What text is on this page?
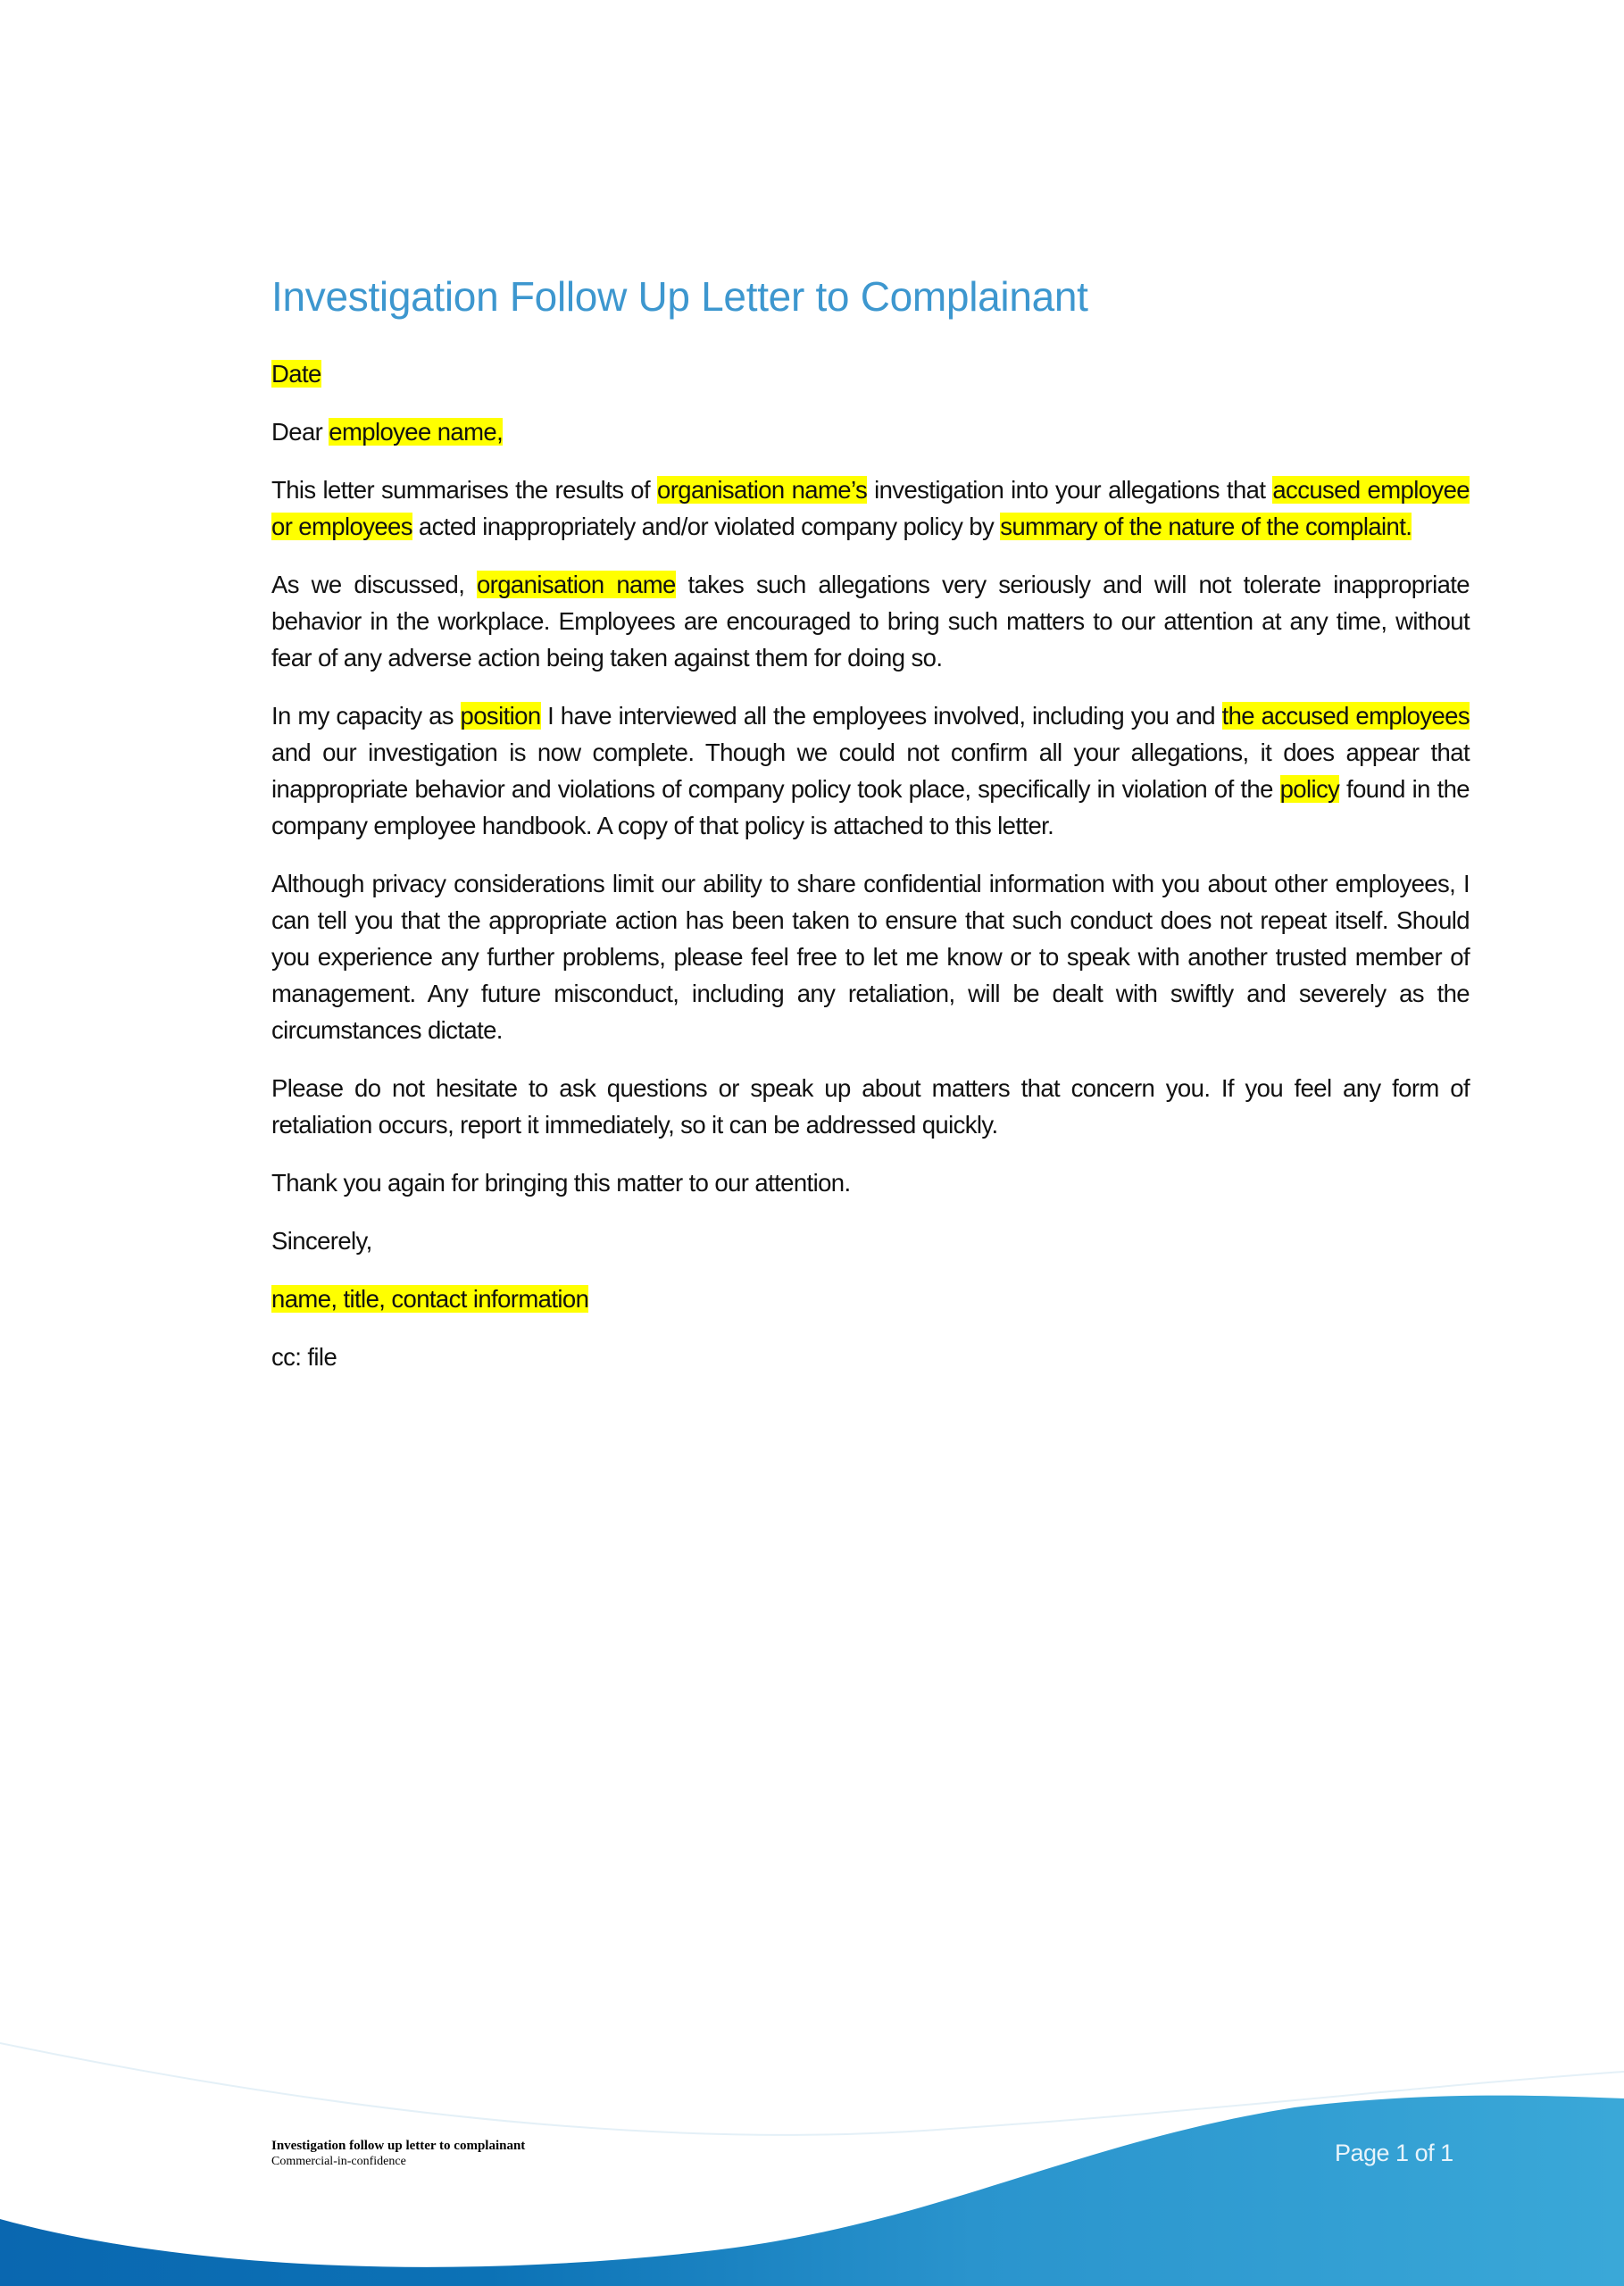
Investigation Follow Up Letter to Complainant

Date

Dear employee name,

This letter summarises the results of organisation name’s investigation into your allegations that accused employee or employees acted inappropriately and/or violated company policy by summary of the nature of the complaint.

As we discussed, organisation name takes such allegations very seriously and will not tolerate inappropriate behavior in the workplace. Employees are encouraged to bring such matters to our attention at any time, without fear of any adverse action being taken against them for doing so.

In my capacity as position I have interviewed all the employees involved, including you and the accused employees and our investigation is now complete. Though we could not confirm all your allegations, it does appear that inappropriate behavior and violations of company policy took place, specifically in violation of the policy found in the company employee handbook. A copy of that policy is attached to this letter.

Although privacy considerations limit our ability to share confidential information with you about other employees, I can tell you that the appropriate action has been taken to ensure that such conduct does not repeat itself. Should you experience any further problems, please feel free to let me know or to speak with another trusted member of management. Any future misconduct, including any retaliation, will be dealt with swiftly and severely as the circumstances dictate.

Please do not hesitate to ask questions or speak up about matters that concern you. If you feel any form of retaliation occurs, report it immediately, so it can be addressed quickly.

Thank you again for bringing this matter to our attention.

Sincerely,

name, title, contact information

cc: file

Investigation follow up letter to complainant
Commercial-in-confidence	Page 1 of 1
